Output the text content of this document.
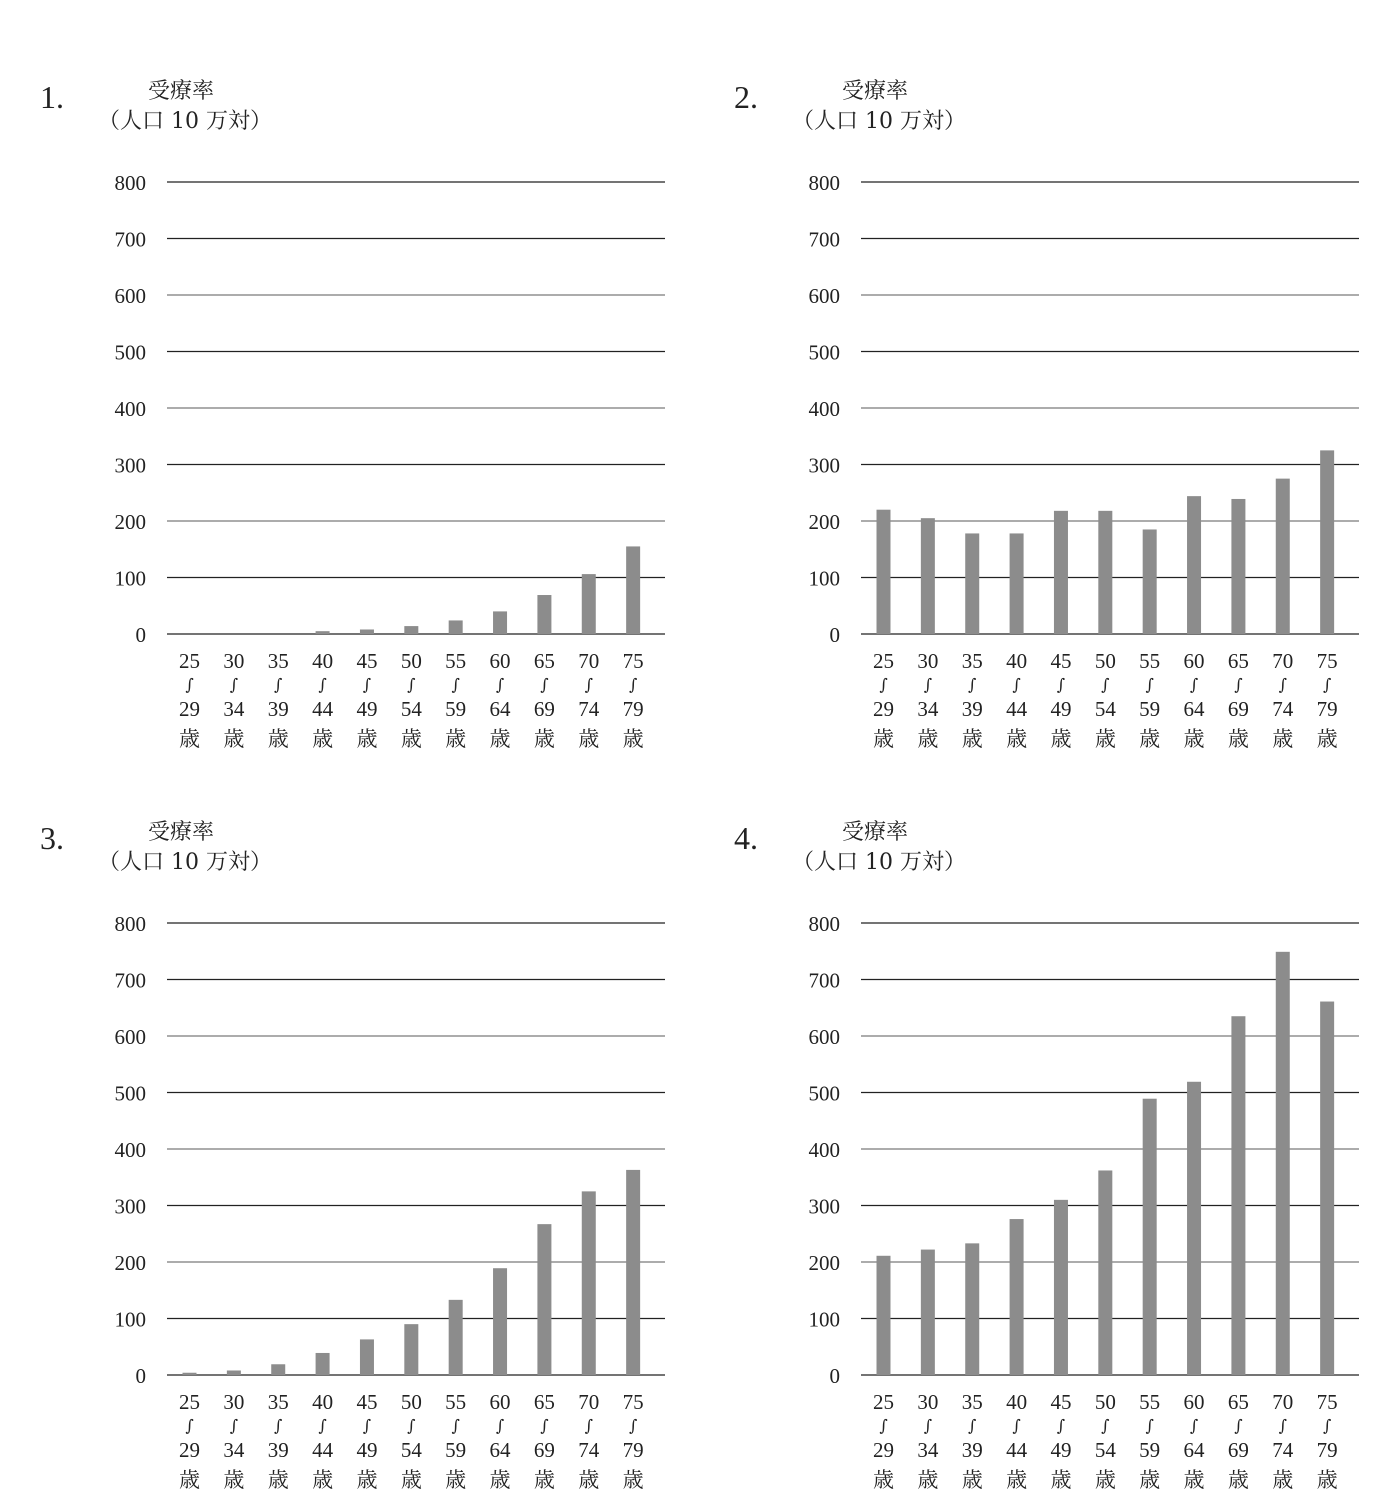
1.	受療率
（人口 10 万対）
0
100
200
300
400
500
600
700
800
25
∫
29
歳
30
∫
34
歳
35
∫
39
歳
40
∫
44
歳
45
∫
49
歳
50
∫
54
歳
55
∫
59
歳
60
∫
64
歳
65
∫
69
歳
70
∫
74
歳
75
∫
79
歳
2.	受療率
（人口 10 万対）
0
100
200
300
400
500
600
700
800
25
∫
29
歳
30
∫
34
歳
35
∫
39
歳
40
∫
44
歳
45
∫
49
歳
50
∫
54
歳
55
∫
59
歳
60
∫
64
歳
65
∫
69
歳
70
∫
74
歳
75
∫
79
歳
3.	受療率
（人口 10 万対）
0
100
200
300
400
500
600
700
800
25
∫
29
歳
30
∫
34
歳
35
∫
39
歳
40
∫
44
歳
45
∫
49
歳
50
∫
54
歳
55
∫
59
歳
60
∫
64
歳
65
∫
69
歳
70
∫
74
歳
75
∫
79
歳
4.	受療率
（人口 10 万対）
0
100
200
300
400
500
600
700
800
25
∫
29
歳
30
∫
34
歳
35
∫
39
歳
40
∫
44
歳
45
∫
49
歳
50
∫
54
歳
55
∫
59
歳
60
∫
64
歳
65
∫
69
歳
70
∫
74
歳
75
∫
79
歳
